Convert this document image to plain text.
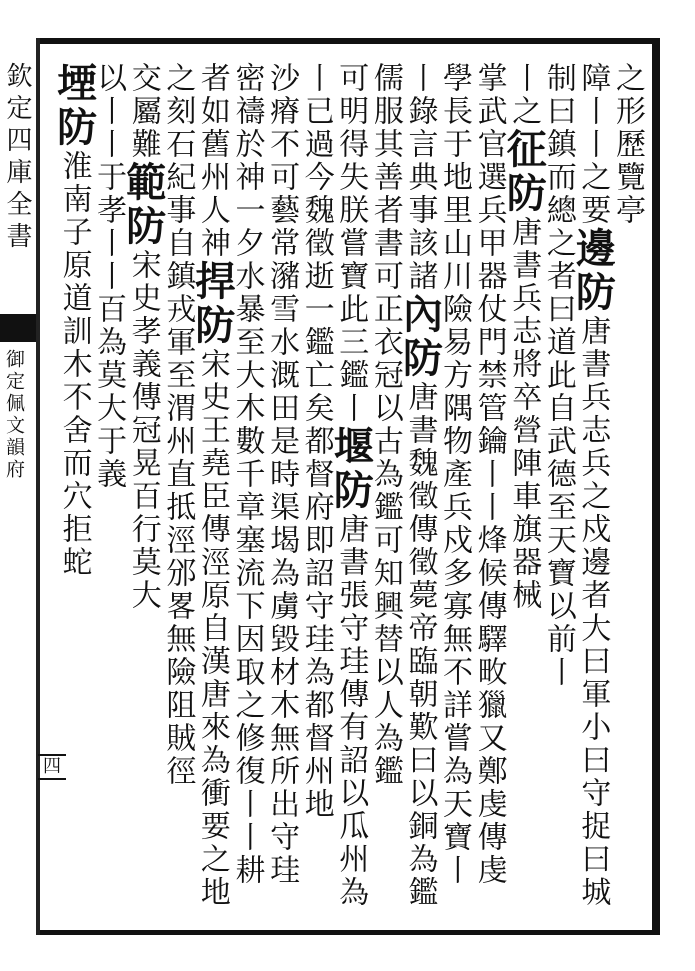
欽定四庫全書
御定佩文韻府
四
之形歷覽亭
障丨丨之要邊防唐書兵志兵之戍邊者大曰軍小曰守捉曰城
制曰鎮而總之者曰道此自武德至天寶以前丨
丨之征防唐書兵志將卒營陣車旗器械
掌武官選兵甲器仗門禁管鑰丨丨烽候傳驛畋獵又鄭虔傳虔
學長于地里山川險易方隅物產兵戍多寡無不詳嘗為天寶丨
丨錄言典事該諸內防唐書魏徵傳徵薨帝臨朝歎曰以銅為鑑
儒服其善者書可正衣冠以古為鑑可知興替以人為鑑
可明得失朕嘗寶此三鑑丨堰防唐書張守珪傳有詔以瓜州為
丨已過今魏徵逝一鑑亡矣都督府即詔守珪為都督州地
沙瘠不可藝常瀦雪水溉田是時渠堨為虜毀材木無所出守珪
密禱於神一夕水暴至大木數千章塞流下因取之修復丨丨耕
者如舊州人神捍防宋史王堯臣傳涇原自漢唐來為衝要之地
之刻石紀事自鎮戎軍至渭州直抵涇邠畧無險阻賊徑
交屬難範防宋史孝義傳冠晃百行莫大
以丨丨于孝丨丨百為莫大于義
堙防淮南子原道訓木不舍而穴拒蛇
